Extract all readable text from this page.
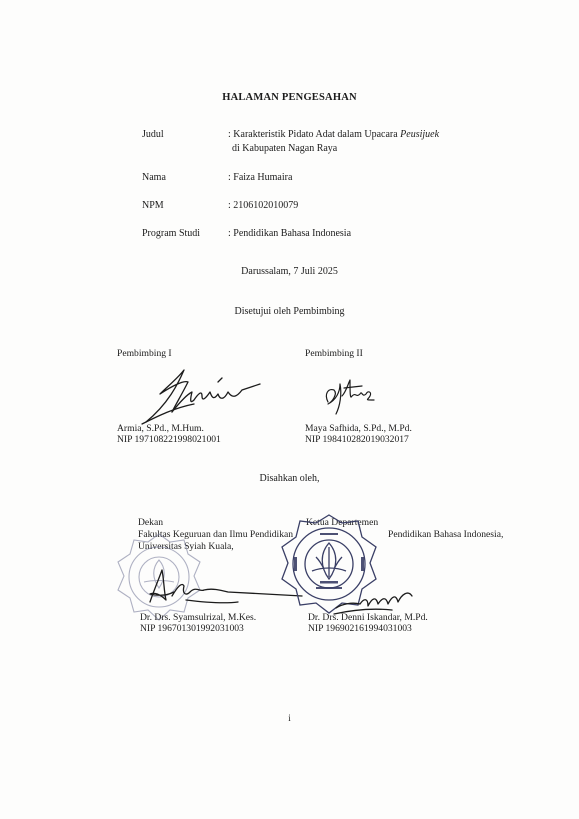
HALAMAN PENGESAHAN
Judul	: Karakteristik Pidato Adat dalam Upacara Peusijuek
di Kabupaten Nagan Raya
Nama	: Faiza Humaira
NPM	: 2106102010079
Program Studi	: Pendidikan Bahasa Indonesia
Darussalam, 7 Juli 2025
Disetujui oleh Pembimbing
Pembimbing I	Pembimbing II
Armia, S.Pd., M.Hum.
NIP 197108221998021001
Maya Safhida, S.Pd., M.Pd.
NIP 198410282019032017
Disahkan oleh,
Dekan
Fakultas Keguruan dan Ilmu Pendidikan
Universitas Syiah Kuala,
Ketua Departemen
Pendidikan Bahasa Indonesia,
Dr. Drs. Syamsulrizal, M.Kes.
NIP 196701301992031003
Dr. Drs. Denni Iskandar, M.Pd.
NIP 196902161994031003
i
